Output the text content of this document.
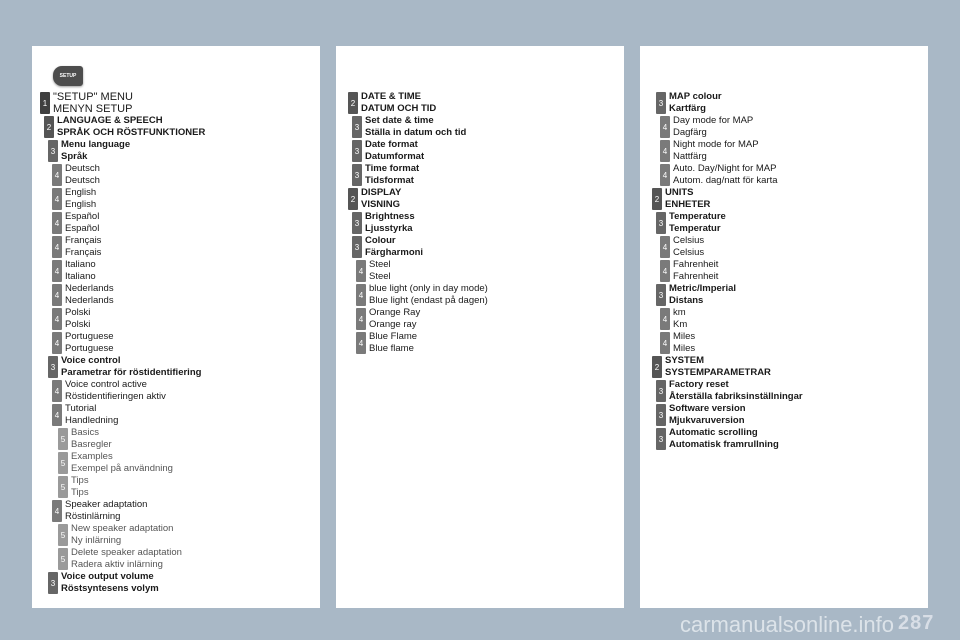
SETUP
1 "SETUP" MENU
MENYN SETUP
2
LANGUAGE & SPEECH
SPRÅK OCH RÖSTFUNKTIONER
3
Menu language
Språk
4
Deutsch
Deutsch
4
English
English
4
Español
Español
4
Français
Français
4
Italiano
Italiano
4
Nederlands
Nederlands
4
Polski
Polski
4
Portuguese
Portuguese
3
Voice control
Parametrar för röstidentifiering
4
Voice control active
Röstidentifieringen aktiv
4
Tutorial
Handledning
5
Basics
Basregler
5
Examples
Exempel på användning
5
Tips
Tips
4
Speaker adaptation
Röstinlärning
5
New speaker adaptation
Ny inlärning
5
Delete speaker adaptation
Radera aktiv inlärning
3
Voice output volume
Röstsyntesens volym
2
DATE & TIME
DATUM OCH TID
3
Set date & time
Ställa in datum och tid
3
Date format
Datumformat
3
Time format
Tidsformat
2
DISPLAY
VISNING
3
Brightness
Ljusstyrka
3
Colour
Färgharmoni
4
Steel
Steel
4
blue light (only in day mode)
Blue light (endast på dagen)
4
Orange Ray
Orange ray
4
Blue Flame
Blue flame
3
MAP colour
Kartfärg
4
Day mode for MAP
Dagfärg
4
Night mode for MAP
Nattfärg
4
Auto. Day/Night for MAP
Autom. dag/natt för karta
2
UNITS
ENHETER
3
Temperature
Temperatur
4
Celsius
Celsius
4
Fahrenheit
Fahrenheit
3
Metric/Imperial
Distans
4
km
Km
4
Miles
Miles
2
SYSTEM
SYSTEMPARAMETRAR
3
Factory reset
Återställa fabriksinställningar
3
Software version
Mjukvaruversion
3
Automatic scrolling
Automatisk framrullning
carmanualsonline.info 287
